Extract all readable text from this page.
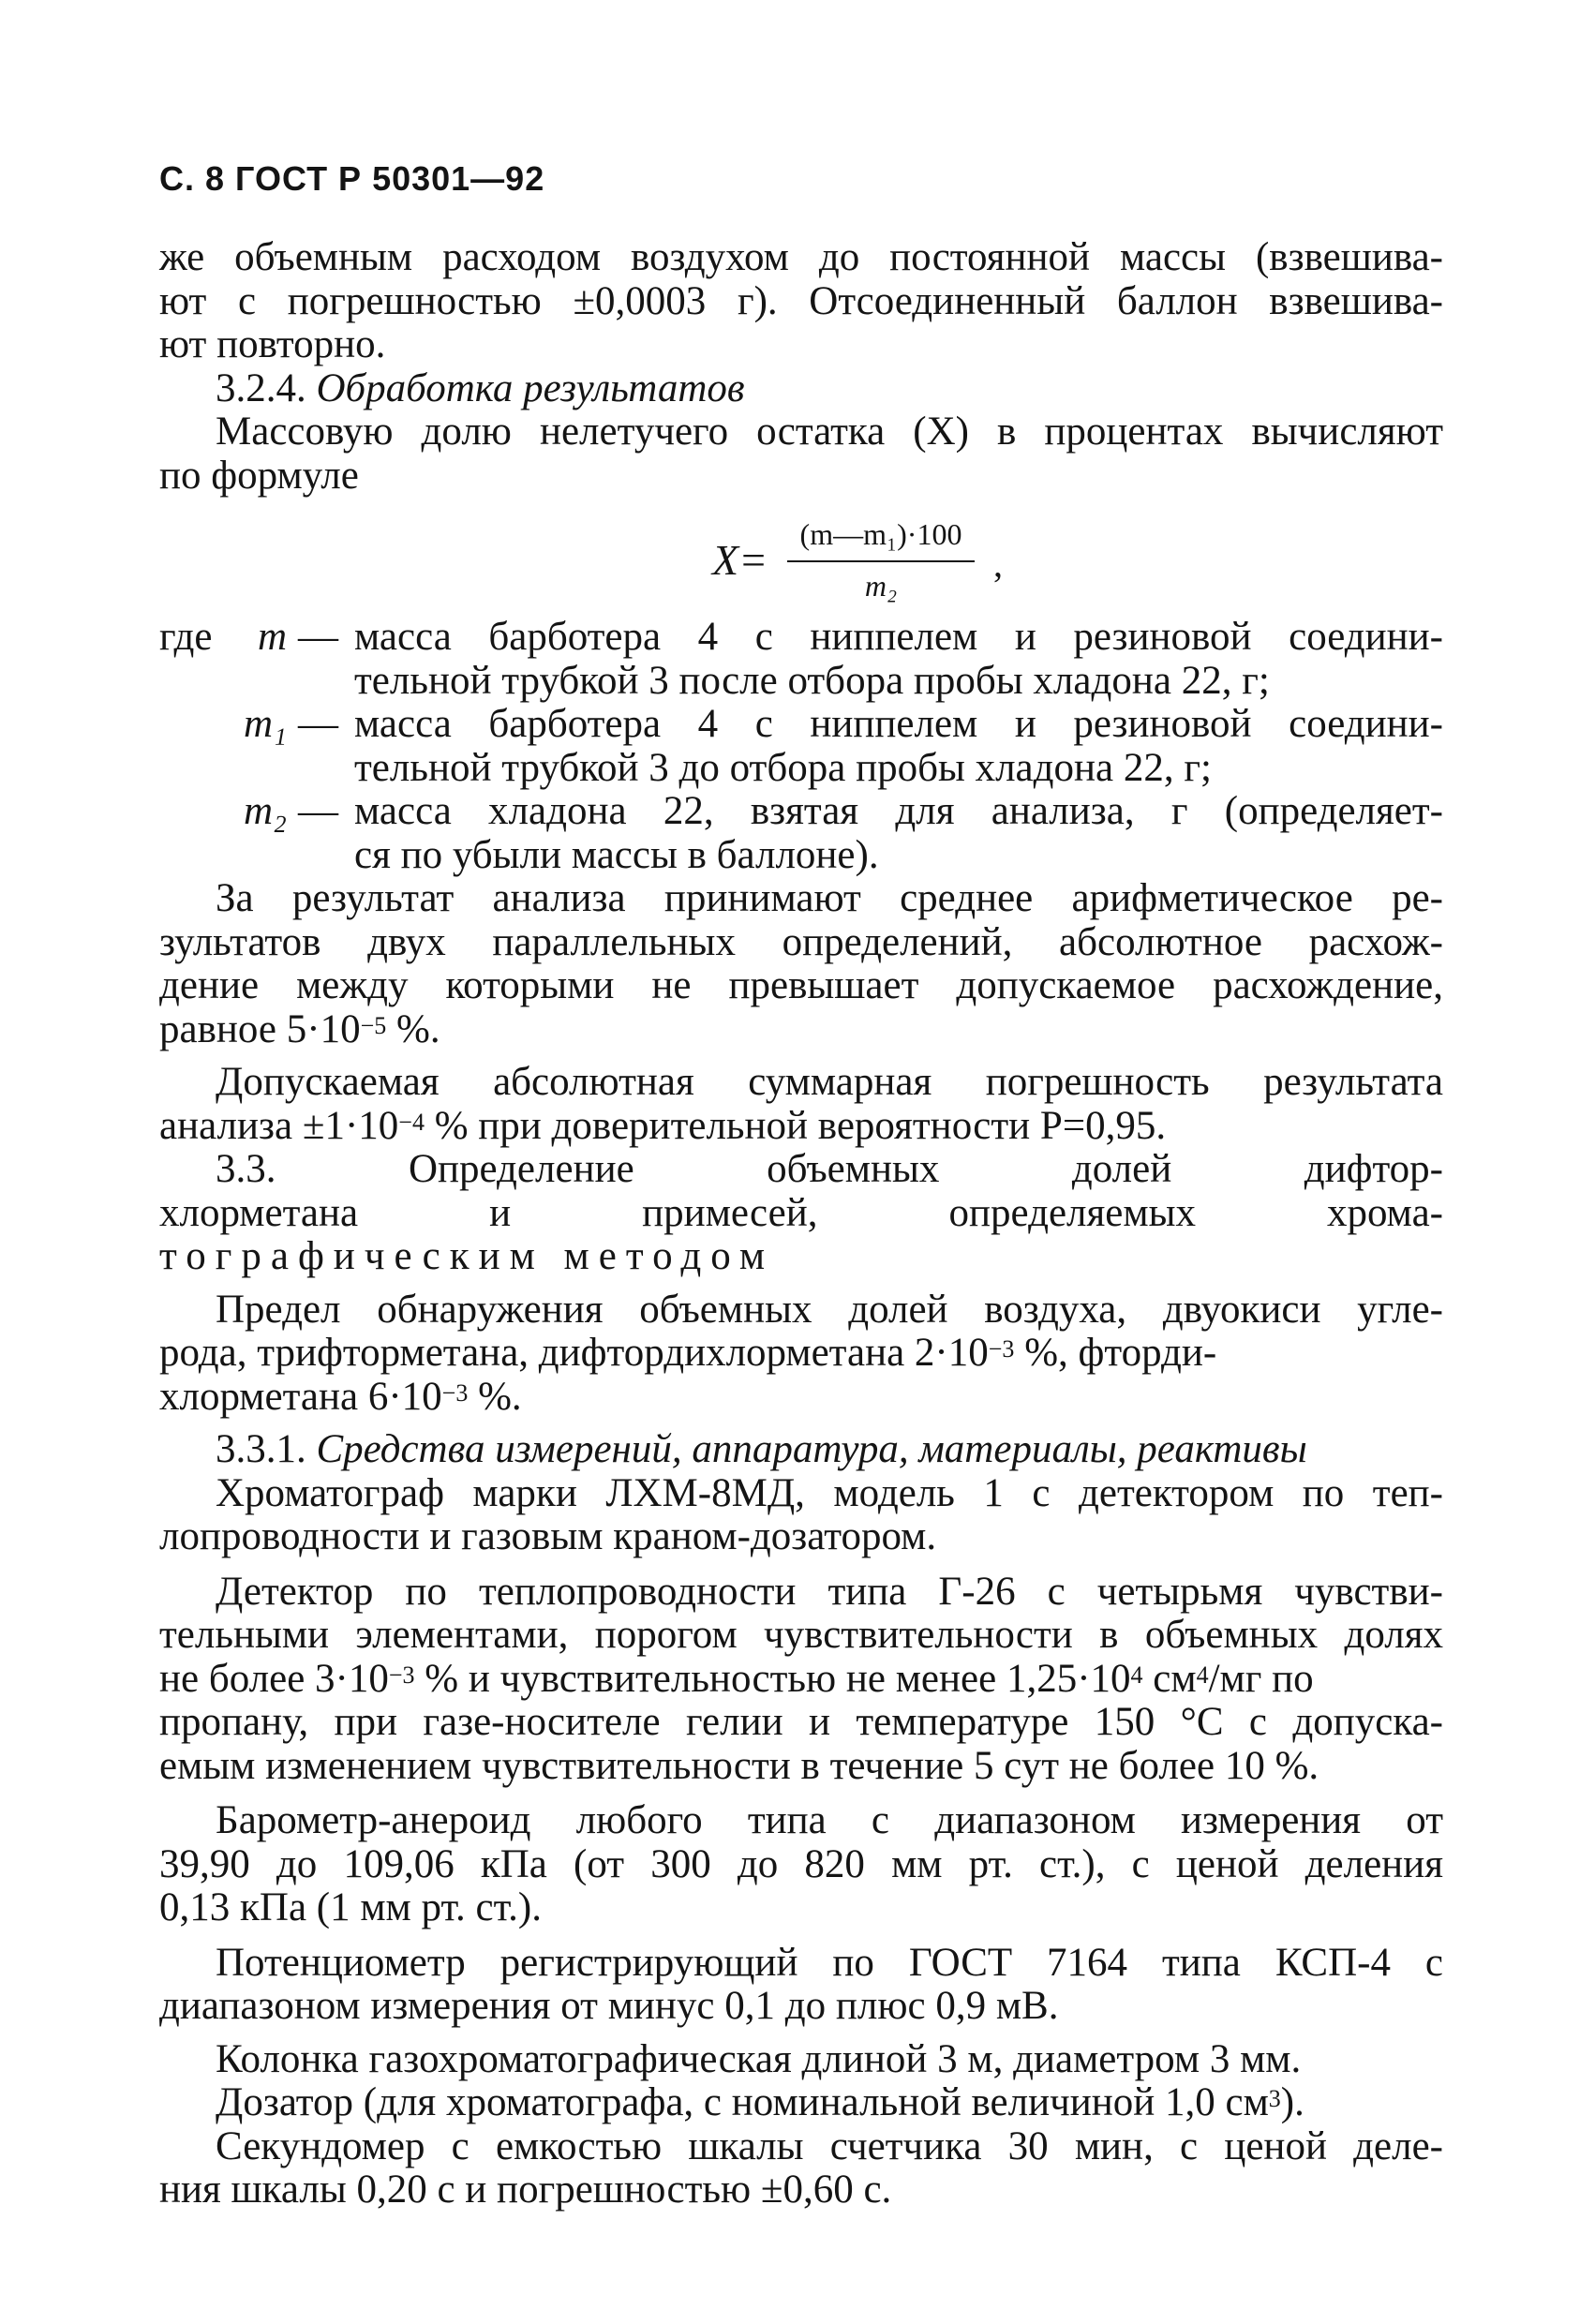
С. 8 ГОСТ Р 50301—92
же объемным расходом воздухом до постоянной массы (взвешива-
ют с погрешностью ±0,0003 г). Отсоединенный баллон взвешива-
ют повторно.
3.2.4. Обработка результатов
Массовую долю нелетучего остатка (X) в процентах вычисляют
по формуле
$X= \frac{\text{(m—m₁)·100}}{\text{m₂}}$ ,
где	m — масса барботера 4 с ниппелем и резиновой соедини-
тельной трубкой 3 после отбора пробы хладона 22, г;
m₁ — масса барботера 4 с ниппелем и резиновой соедини-
тельной трубкой 3 до отбора пробы хладона 22, г;
m₂ — масса хладона 22, взятая для анализа, г (определяет-
ся по убыли массы в баллоне).
За результат анализа принимают среднее арифметическое ре-
зультатов двух параллельных определений, абсолютное расхож-
дение между которыми не превышает допускаемое расхождение,
равное $5\cdot 10^{-5}$ %.
Допускаемая абсолютная суммарная погрешность результата
анализа $\pm 1\cdot 10^{-4}$ % при доверительной вероятности P=0,95.
3.3. Определение объемных долей дифтор-
хлорметана и примесей, определяемых хрома-
тографическим методом
Предел обнаружения объемных долей воздуха, двуокиси угле-
рода, трифторметана, дифтордихлорметана $2\cdot 10^{-3}$ %, фторди-
хлорметана $6\cdot 10^{-3}$ %.
3.3.1. Средства измерений, аппаратура, материалы, реактивы
Хроматограф марки ЛХМ-8МД, модель 1 с детектором по теп-
лопроводности и газовым краном-дозатором.
Детектор по теплопроводности типа Г-26 с четырьмя чувстви-
тельными элементами, порогом чувствительности в объемных долях
не более $3\cdot 10^{-3}$ % и чувствительностью не менее $1,25\cdot 10^4$ $см^4/мг$ по
пропану, при газе-носителе гелии и температуре 150 °С с допуска-
емым изменением чувствительности в течение 5 сут не более 10 %.
Барометр-анероид любого типа с диапазоном измерения от
39,90 до 109,06 кПа (от 300 до 820 мм рт. ст.), с ценой деления
0,13 кПа (1 мм рт. ст.).
Потенциометр регистрирующий по ГОСТ 7164 типа КСП-4 с
диапазоном измерения от минус 0,1 до плюс 0,9 мВ.
Колонка газохроматографическая длиной 3 м, диаметром 3 мм.
Дозатор (для хроматографа, с номинальной величиной 1,0 $см^3$).
Секундомер с емкостью шкалы счетчика 30 мин, с ценой деле-
ния шкалы 0,20 с и погрешностью ±0,60 с.
